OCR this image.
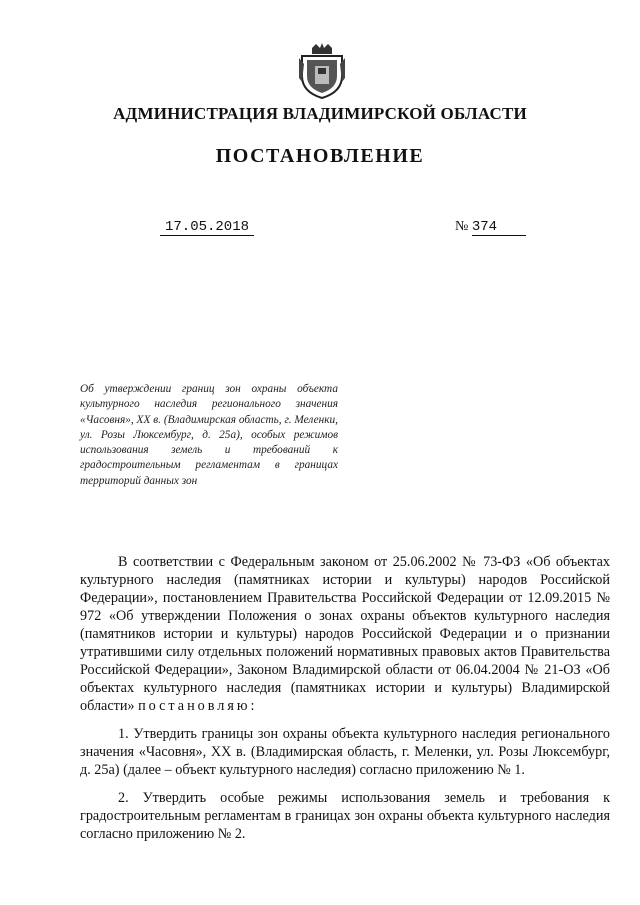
АДМИНИСТРАЦИЯ ВЛАДИМИРСКОЙ ОБЛАСТИ
ПОСТАНОВЛЕНИЕ
17.05.2018	№ 374
Об утверждении границ зон охраны объекта культурного наследия регионального значения «Часовня», XX в. (Владимирская область, г. Меленки, ул. Розы Люксембург, д. 25а), особых режимов использования земель и требований к градостроительным регламентам в границах территорий данных зон

В соответствии с Федеральным законом от 25.06.2002 № 73-ФЗ «Об объектах культурного наследия (памятниках истории и культуры) народов Российской Федерации», постановлением Правительства Российской Федерации от 12.09.2015 № 972 «Об утверждении Положения о зонах охраны объектов культурного наследия (памятников истории и культуры) народов Российской Федерации и о признании утратившими силу отдельных положений нормативных правовых актов Правительства Российской Федерации», Законом Владимирской области от 06.04.2004 № 21-ОЗ «Об объектах культурного наследия (памятниках истории и культуры) Владимирской области» постановляю:

1. Утвердить границы зон охраны объекта культурного наследия регионального значения «Часовня», XX в. (Владимирская область, г. Меленки, ул. Розы Люксембург, д. 25а) (далее – объект культурного наследия) согласно приложению № 1.

2. Утвердить особые режимы использования земель и требования к градостроительным регламентам в границах зон охраны объекта культурного наследия согласно приложению № 2.
